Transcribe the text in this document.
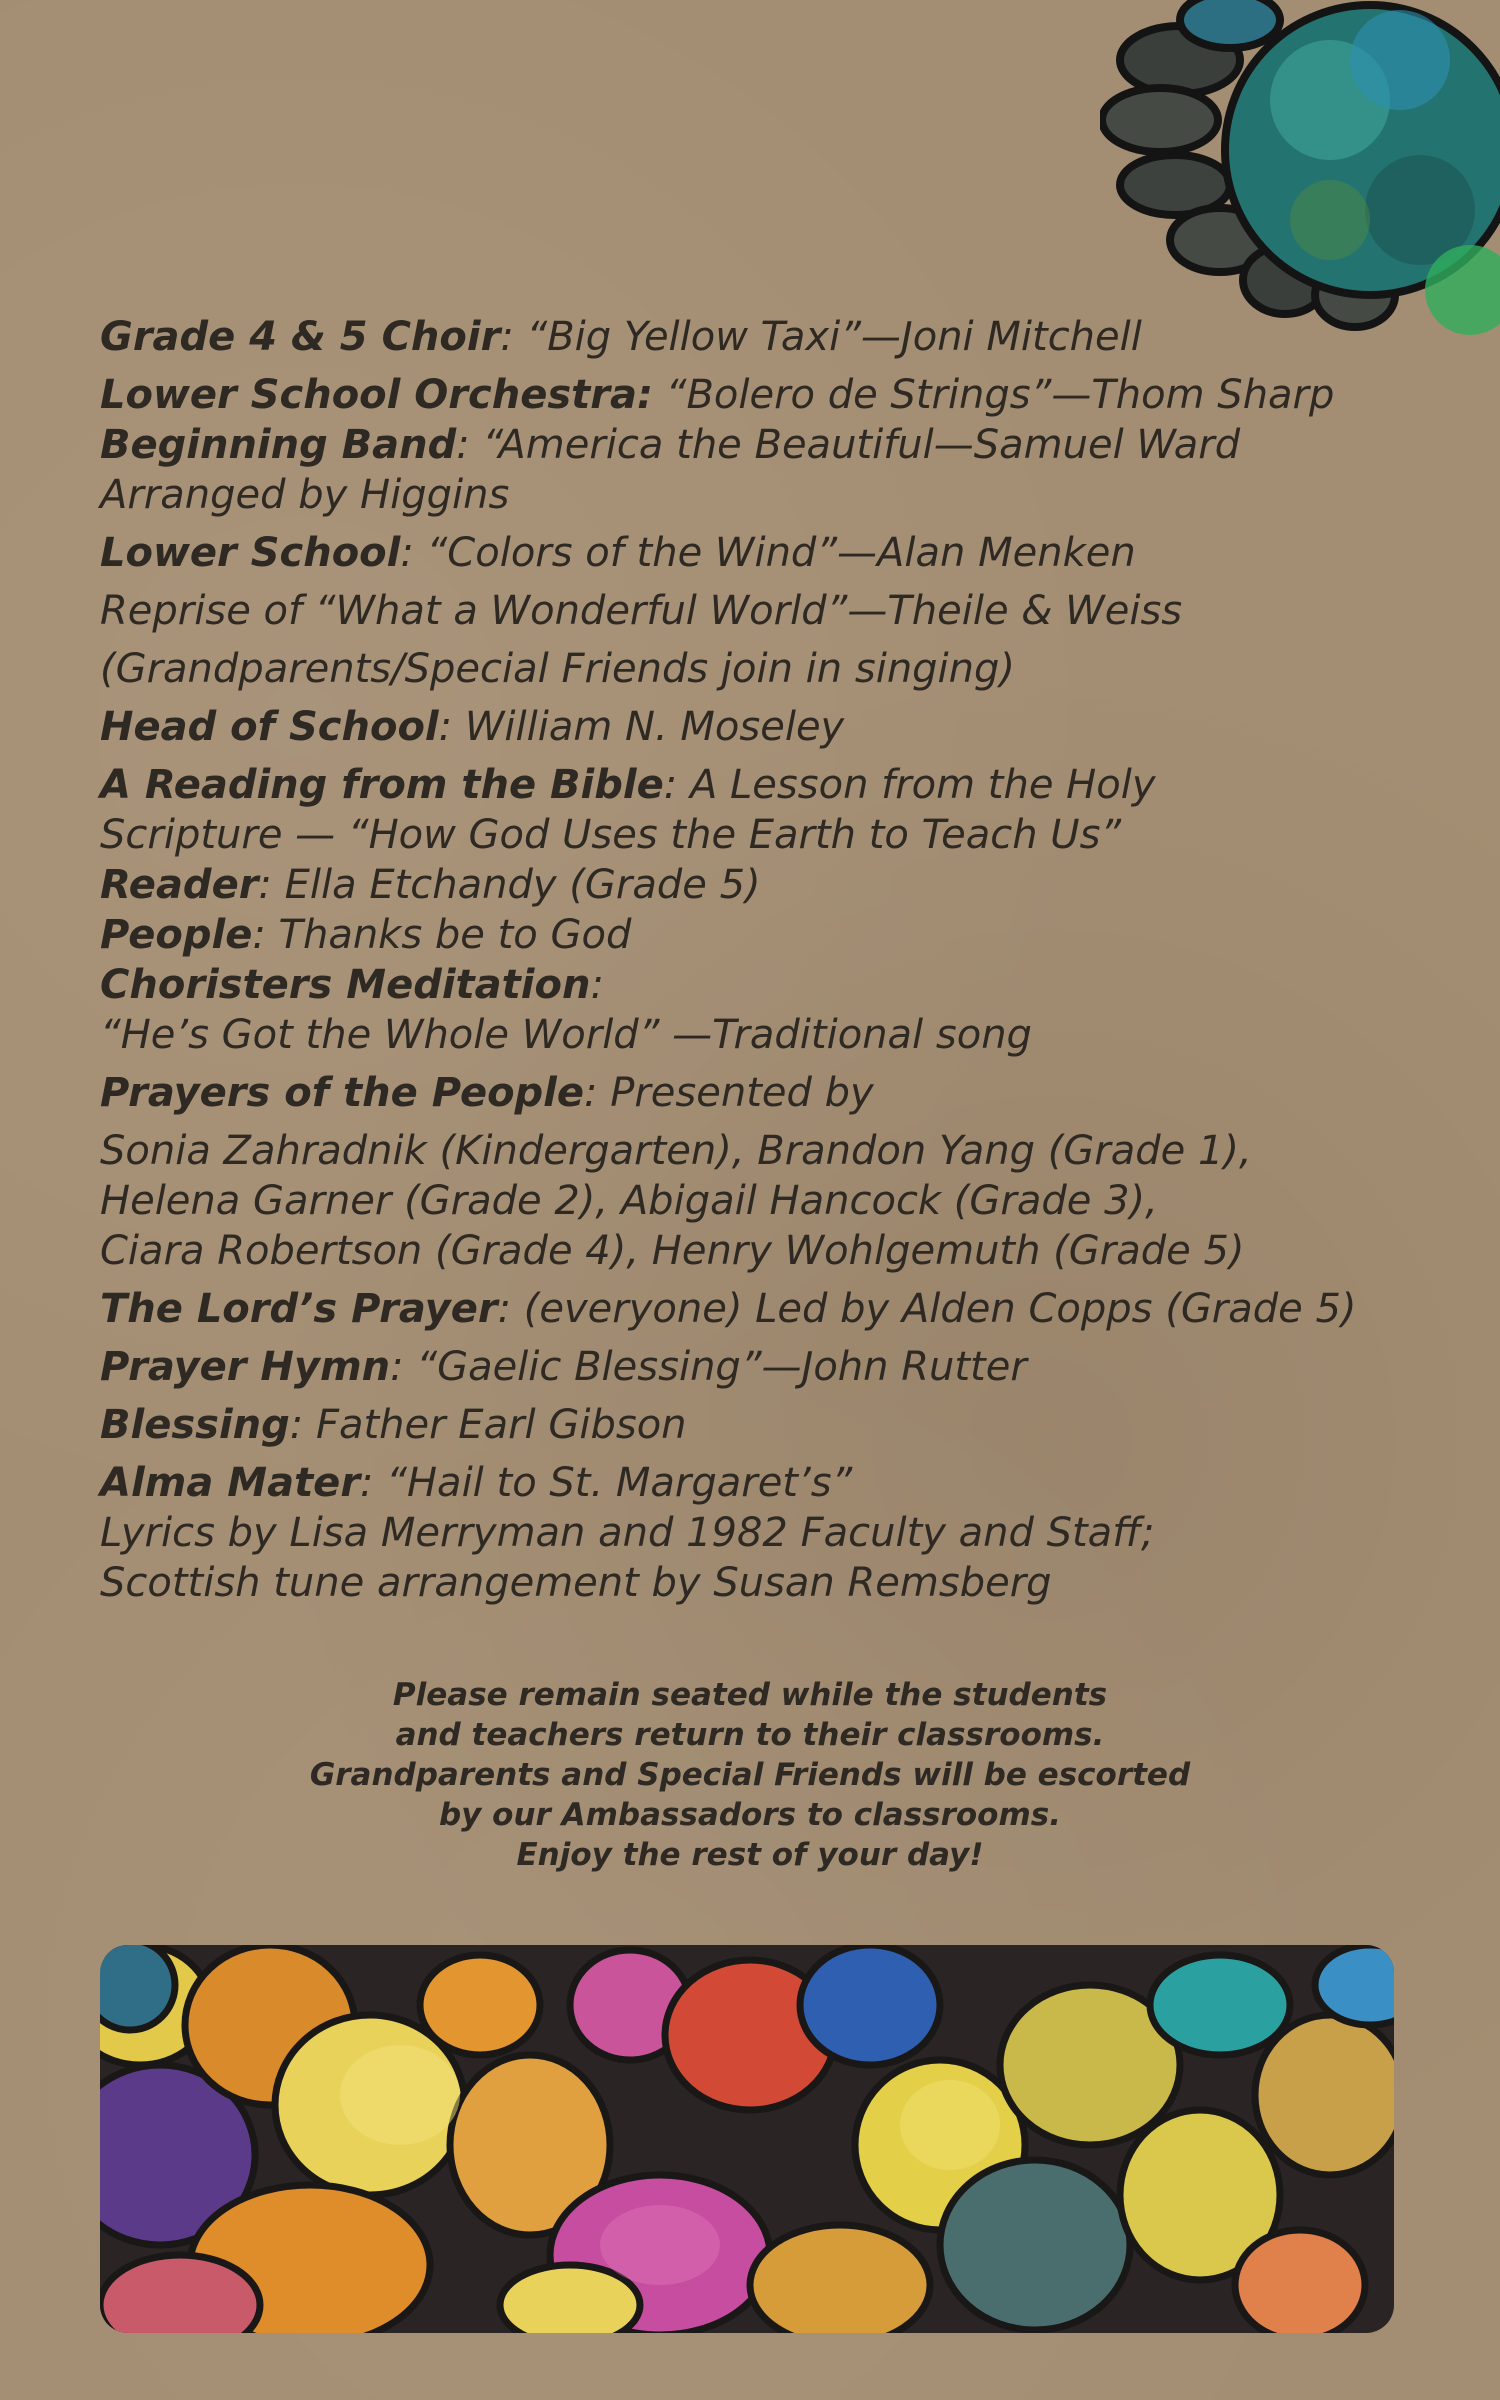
Grade 4 & 5 Choir: “Big Yellow Taxi”—Joni Mitchell
Lower School Orchestra: “Bolero de Strings”—Thom Sharp
Beginning Band: “America the Beautiful—Samuel Ward
Arranged by Higgins
Lower School: “Colors of the Wind”—Alan Menken
Reprise of “What a Wonderful World”—Theile & Weiss
(Grandparents/Special Friends join in singing)
Head of School: William N. Moseley
A Reading from the Bible: A Lesson from the Holy
Scripture — “How God Uses the Earth to Teach Us”
Reader: Ella Etchandy (Grade 5)
People: Thanks be to God
Choristers Meditation:
“He’s Got the Whole World” —Traditional song
Prayers of the People: Presented by
Sonia Zahradnik (Kindergarten), Brandon Yang (Grade 1),
Helena Garner (Grade 2), Abigail Hancock (Grade 3),
Ciara Robertson (Grade 4), Henry Wohlgemuth (Grade 5)
The Lord’s Prayer: (everyone) Led by Alden Copps (Grade 5)
Prayer Hymn: “Gaelic Blessing”—John Rutter
Blessing: Father Earl Gibson
Alma Mater: “Hail to St. Margaret’s”
Lyrics by Lisa Merryman and 1982 Faculty and Staff;
Scottish tune arrangement by Susan Remsberg
Please remain seated while the students
and teachers return to their classrooms.
Grandparents and Special Friends will be escorted
by our Ambassadors to classrooms.
Enjoy the rest of your day!
